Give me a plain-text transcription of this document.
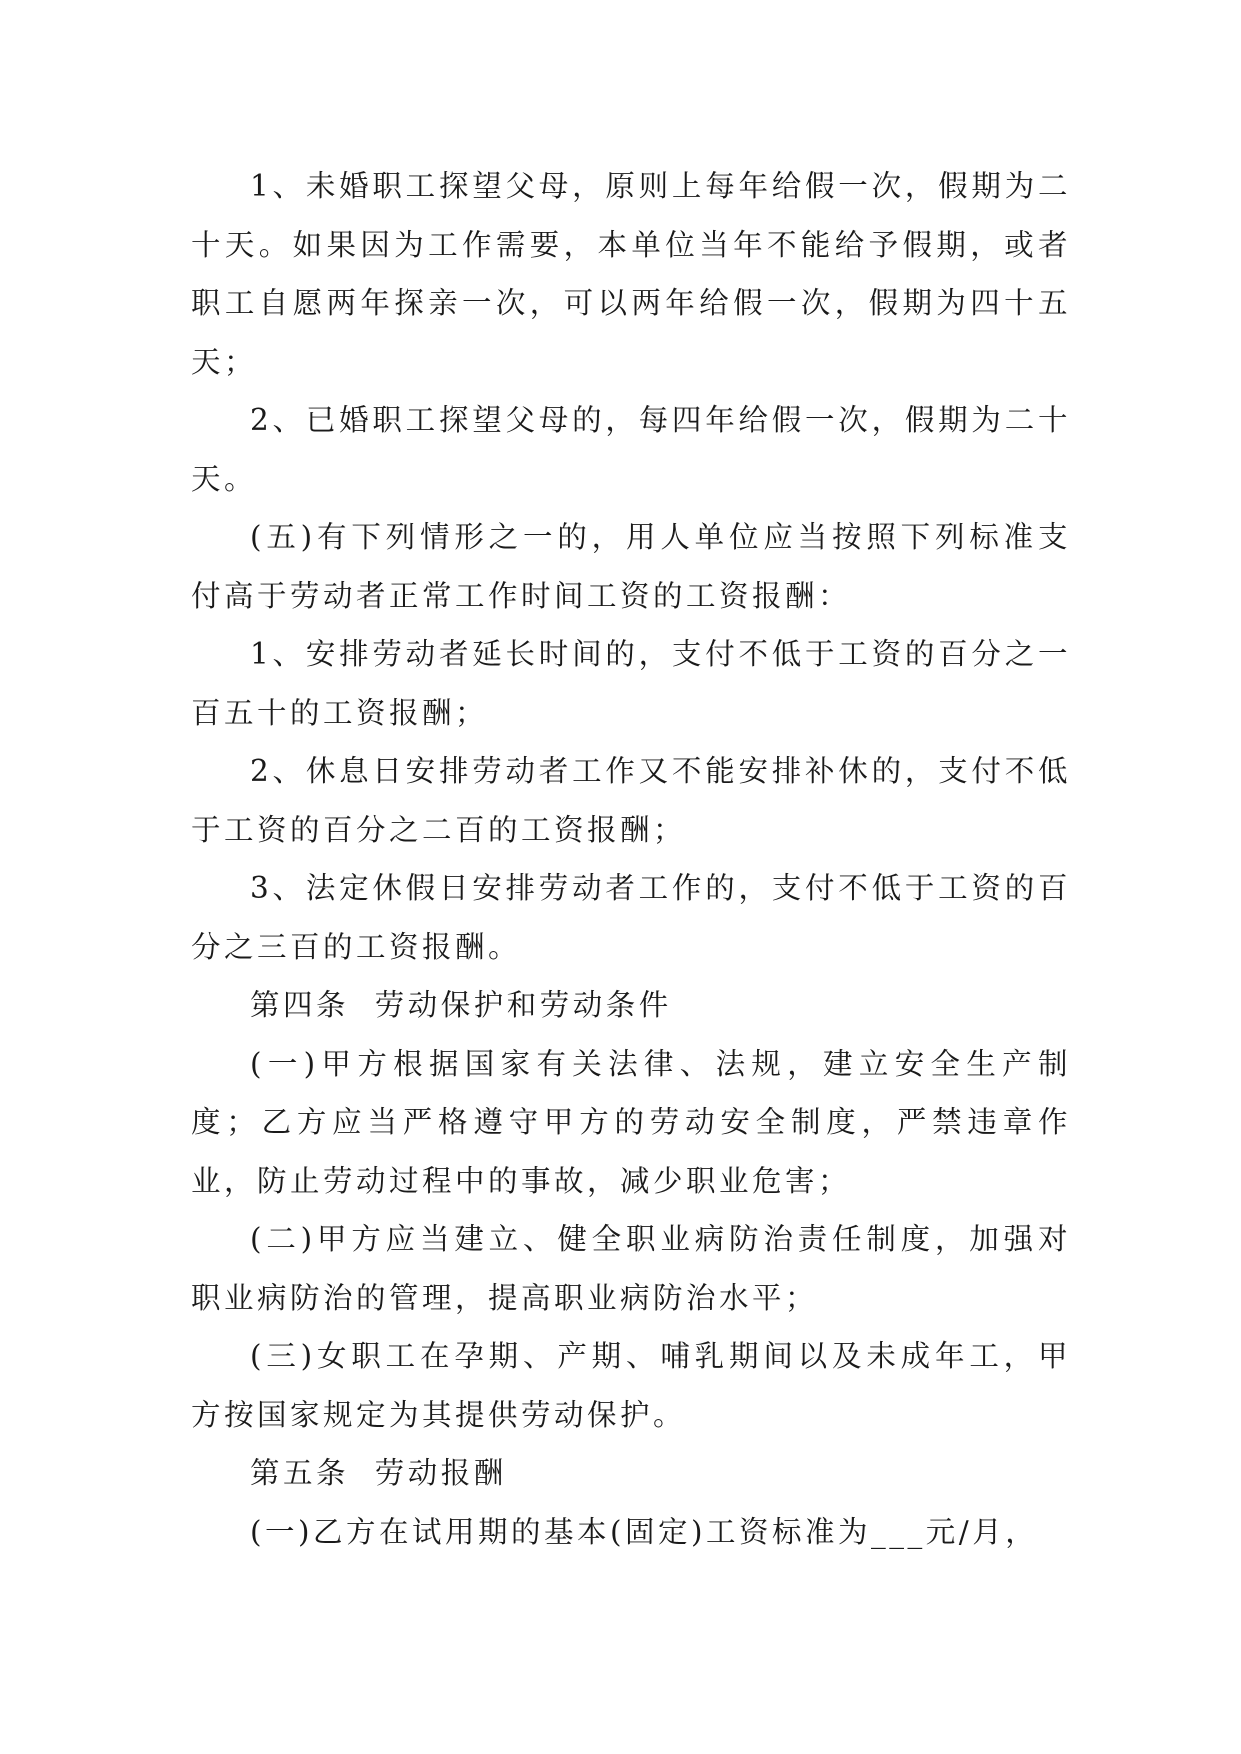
1、未婚职工探望父母，原则上每年给假一次，假期为二十天。如果因为工作需要，本单位当年不能给予假期，或者职工自愿两年探亲一次，可以两年给假一次，假期为四十五天；

2、已婚职工探望父母的，每四年给假一次，假期为二十天。

(五)有下列情形之一的，用人单位应当按照下列标准支付高于劳动者正常工作时间工资的工资报酬：

1、安排劳动者延长时间的，支付不低于工资的百分之一百五十的工资报酬；

2、休息日安排劳动者工作又不能安排补休的，支付不低于工资的百分之二百的工资报酬；

3、法定休假日安排劳动者工作的，支付不低于工资的百分之三百的工资报酬。

第四条  劳动保护和劳动条件

(一)甲方根据国家有关法律、法规，建立安全生产制度；乙方应当严格遵守甲方的劳动安全制度，严禁违章作业，防止劳动过程中的事故，减少职业危害；

(二)甲方应当建立、健全职业病防治责任制度，加强对职业病防治的管理，提高职业病防治水平；

(三)女职工在孕期、产期、哺乳期间以及未成年工，甲方按国家规定为其提供劳动保护。

第五条  劳动报酬

(一)乙方在试用期的基本(固定)工资标准为___元/月，
